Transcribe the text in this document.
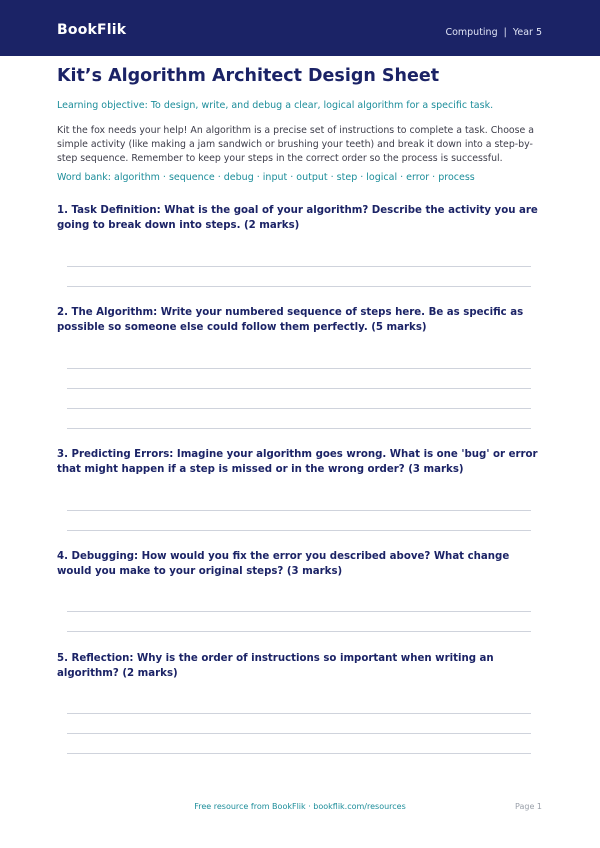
BookFlik	Computing | Year 5
Kit’s Algorithm Architect Design Sheet

Learning objective: To design, write, and debug a clear, logical algorithm for a specific task.

Kit the fox needs your help! An algorithm is a precise set of instructions to complete a task. Choose a simple activity (like making a jam sandwich or brushing your teeth) and break it down into a step-by-step sequence. Remember to keep your steps in the correct order so the process is successful.

Word bank: algorithm · sequence · debug · input · output · step · logical · error · process

1. Task Definition: What is the goal of your algorithm? Describe the activity you are going to break down into steps. (2 marks)
2. The Algorithm: Write your numbered sequence of steps here. Be as specific as possible so someone else could follow them perfectly. (5 marks)
3. Predicting Errors: Imagine your algorithm goes wrong. What is one 'bug' or error that might happen if a step is missed or in the wrong order? (3 marks)
4. Debugging: How would you fix the error you described above? What change would you make to your original steps? (3 marks)
5. Reflection: Why is the order of instructions so important when writing an algorithm? (2 marks)
Free resource from BookFlik · bookflik.com/resources	Page 1
